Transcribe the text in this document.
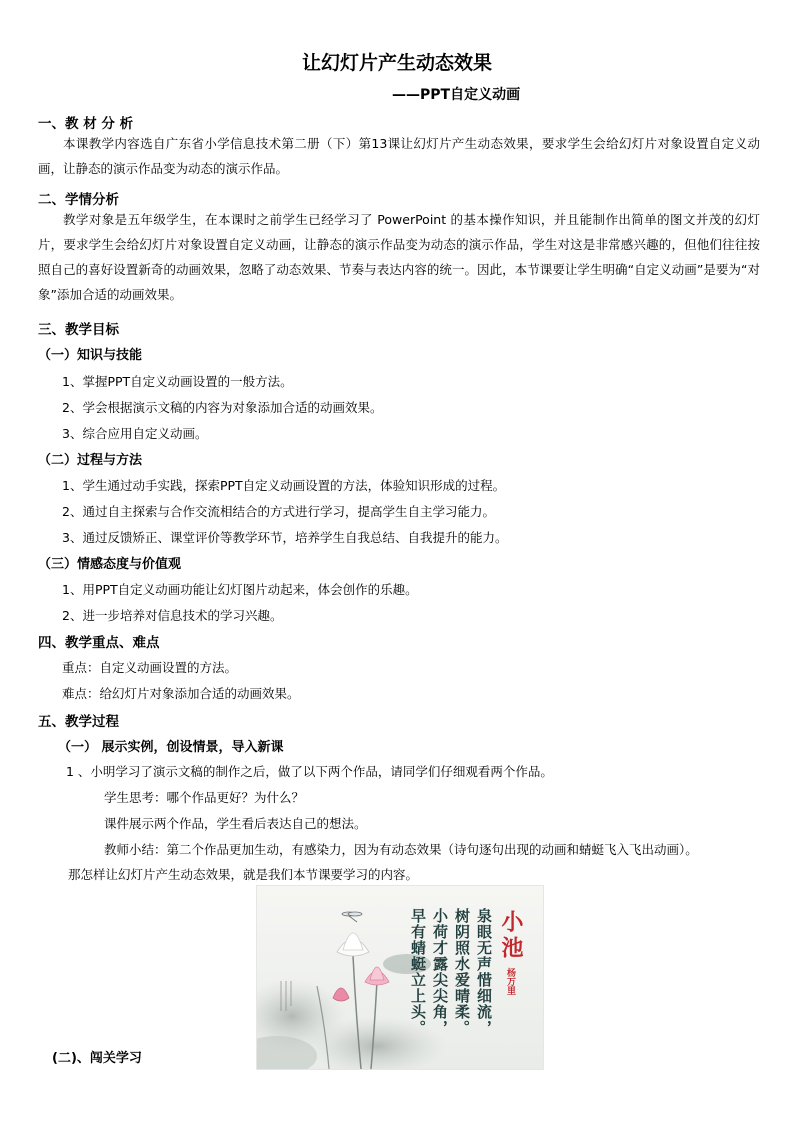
让幻灯片产生动态效果
——PPT自定义动画
一、教 材 分 析
本课教学内容选自广东省小学信息技术第二册（下）第13课让幻灯片产生动态效果，要求学生会给幻灯片对象设置自定义动画，让静态的演示作品变为动态的演示作品。
二、学情分析
教学对象是五年级学生，在本课时之前学生已经学习了 PowerPoint 的基本操作知识，并且能制作出简单的图文并茂的幻灯片，要求学生会给幻灯片对象设置自定义动画，让静态的演示作品变为动态的演示作品，学生对这是非常感兴趣的，但他们往往按照自己的喜好设置新奇的动画效果，忽略了动态效果、节奏与表达内容的统一。因此，本节课要让学生明确“自定义动画”是要为“对象”添加合适的动画效果。
三、教学目标
（一）知识与技能
1、掌握PPT自定义动画设置的一般方法。
2、学会根据演示文稿的内容为对象添加合适的动画效果。
3、综合应用自定义动画。
（二）过程与方法
1、学生通过动手实践，探索PPT自定义动画设置的方法，体验知识形成的过程。
2、通过自主探索与合作交流相结合的方式进行学习，提高学生自主学习能力。
3、通过反馈矫正、课堂评价等教学环节，培养学生自我总结、自我提升的能力。
（三）情感态度与价值观
1、用PPT自定义动画功能让幻灯图片动起来，体会创作的乐趣。
2、进一步培养对信息技术的学习兴趣。
四、教学重点、难点
重点：自定义动画设置的方法。
难点：给幻灯片对象添加合适的动画效果。
五、教学过程
（一） 展示实例，创设情景，导入新课
1 、小明学习了演示文稿的制作之后，做了以下两个作品，请同学们仔细观看两个作品。
学生思考：哪个作品更好？为什么？
课件展示两个作品，学生看后表达自己的想法。
教师小结：第二个作品更加生动，有感染力，因为有动态效果（诗句逐句出现的动画和蜻蜓飞入飞出动画）。
那怎样让幻灯片产生动态效果，就是我们本节课要学习的内容。
小池
杨万里
泉眼无声惜细流，
树阴照水爱晴柔。
小荷才露尖尖角，
早有蜻蜓立上头。
(二)、闯关学习
